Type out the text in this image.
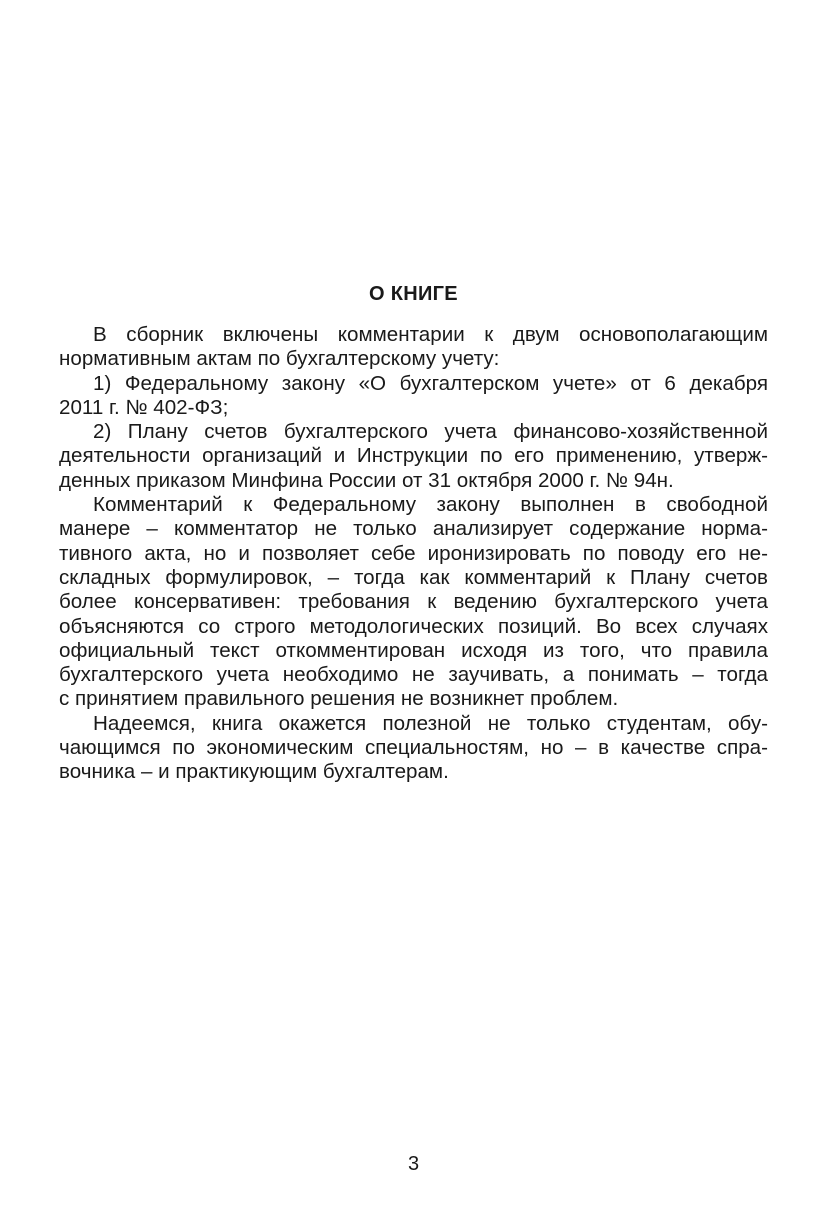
О КНИГЕ
В сборник включены комментарии к двум основополагающим
нормативным актам по бухгалтерскому учету:
1) Федеральному закону «О бухгалтерском учете» от 6 декабря
2011 г. № 402-ФЗ;
2) Плану счетов бухгалтерского учета финансово-хозяйственной
деятельности организаций и Инструкции по его применению, утверж-
денных приказом Минфина России от 31 октября 2000 г. № 94н.
Комментарий к Федеральному закону выполнен в свободной
манере – комментатор не только анализирует содержание норма-
тивного акта, но и позволяет себе иронизировать по поводу его не-
складных формулировок, – тогда как комментарий к Плану счетов
более консервативен: требования к ведению бухгалтерского учета
объясняются со строго методологических позиций. Во всех случаях
официальный текст откомментирован исходя из того, что правила
бухгалтерского учета необходимо не заучивать, а понимать – тогда
с принятием правильного решения не возникнет проблем.
Надеемся, книга окажется полезной не только студентам, обу-
чающимся по экономическим специальностям, но – в качестве спра-
вочника – и практикующим бухгалтерам.
3
